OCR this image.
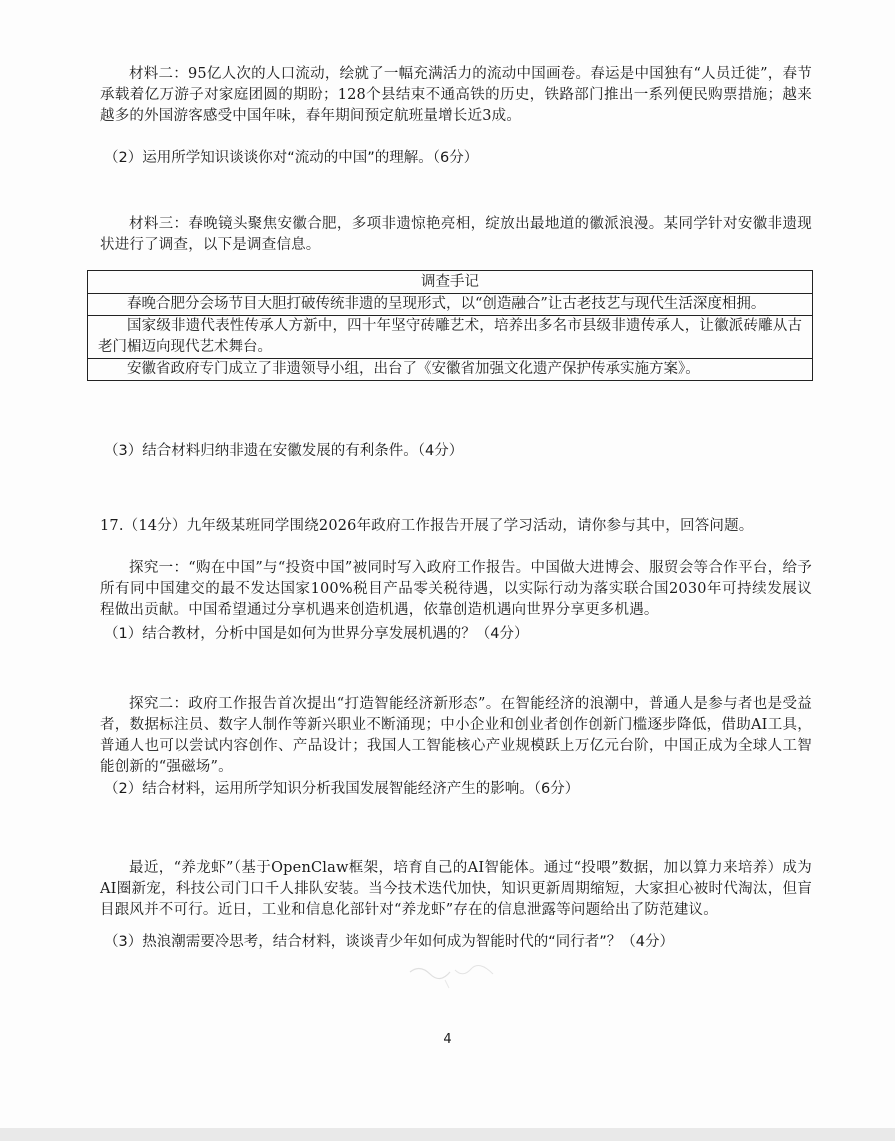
材料二：95亿人次的人口流动，绘就了一幅充满活力的流动中国画卷。春运是中国独有“人员迁徙”，春节承载着亿万游子对家庭团圆的期盼；128个县结束不通高铁的历史，铁路部门推出一系列便民购票措施；越来越多的外国游客感受中国年味，春年期间预定航班量增长近3成。
（2）运用所学知识谈谈你对“流动的中国”的理解。（6分）
材料三：春晚镜头聚焦安徽合肥，多项非遗惊艳亮相，绽放出最地道的徽派浪漫。某同学针对安徽非遗现状进行了调查，以下是调查信息。
调查手记
春晚合肥分会场节目大胆打破传统非遗的呈现形式，以“创造融合”让古老技艺与现代生活深度相拥。
国家级非遗代表性传承人方新中，四十年坚守砖雕艺术，培养出多名市县级非遗传承人，让徽派砖雕从古老门楣迈向现代艺术舞台。
安徽省政府专门成立了非遗领导小组，出台了《安徽省加强文化遗产保护传承实施方案》。
（3）结合材料归纳非遗在安徽发展的有利条件。（4分）
17.（14分）九年级某班同学围绕2026年政府工作报告开展了学习活动，请你参与其中，回答问题。
探究一：“购在中国”与“投资中国”被同时写入政府工作报告。中国做大进博会、服贸会等合作平台，给予所有同中国建交的最不发达国家100%税目产品零关税待遇，以实际行动为落实联合国2030年可持续发展议程做出贡献。中国希望通过分享机遇来创造机遇，依靠创造机遇向世界分享更多机遇。
（1）结合教材，分析中国是如何为世界分享发展机遇的？（4分）
探究二：政府工作报告首次提出“打造智能经济新形态”。在智能经济的浪潮中，普通人是参与者也是受益者，数据标注员、数字人制作等新兴职业不断涌现；中小企业和创业者创作创新门槛逐步降低，借助AI工具，普通人也可以尝试内容创作、产品设计；我国人工智能核心产业规模跃上万亿元台阶，中国正成为全球人工智能创新的“强磁场”。
（2）结合材料，运用所学知识分析我国发展智能经济产生的影响。（6分）
最近，“养龙虾”（基于OpenClaw框架，培育自己的AI智能体。通过“投喂”数据，加以算力来培养）成为AI圈新宠，科技公司门口千人排队安装。当今技术迭代加快，知识更新周期缩短，大家担心被时代淘汰，但盲目跟风并不可行。近日，工业和信息化部针对“养龙虾”存在的信息泄露等问题给出了防范建议。
（3）热浪潮需要冷思考，结合材料，谈谈青少年如何成为智能时代的“同行者”？（4分）
4
